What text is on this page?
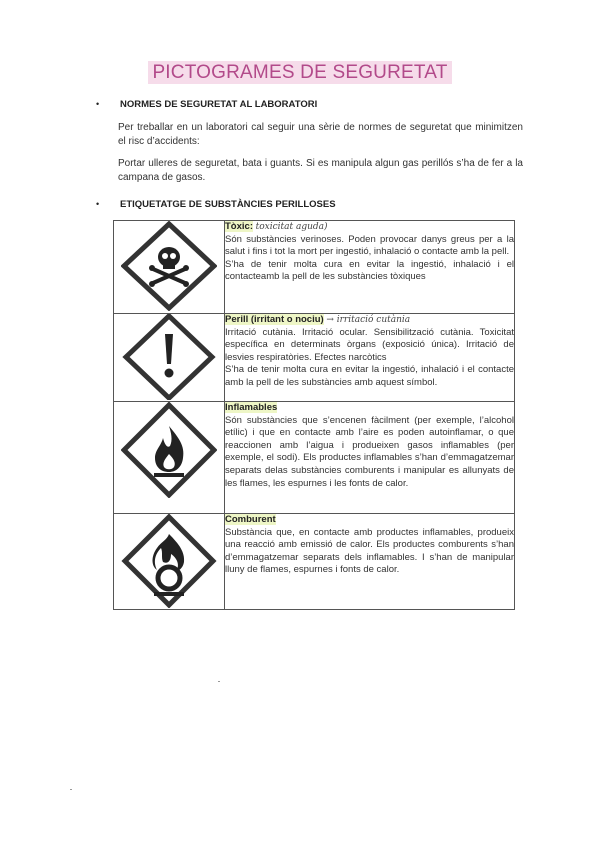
PICTOGRAMES DE SEGURETAT
• NORMES DE SEGURETAT AL LABORATORI
Per treballar en un laboratori cal seguir una sèrie de normes de seguretat que minimitzen el risc d’accidents:
Portar ulleres de seguretat, bata i guants. Si es manipula algun gas perillós s’ha de fer a la campana de gasos.
• ETIQUETATGE DE SUBSTÀNCIES PERILLOSES
	Tòxic: toxicitat aguda)
Són substàncies verinoses. Poden provocar danys greus per a la salut i fins i tot la mort per ingestió, inhalació o contacte amb la pell.
S’ha de tenir molta cura en evitar la ingestió, inhalació i el contacteamb la pell de les substàncies tòxiques

	Perill (irritant o nociu) → irritació cutània
Irritació cutània. Irritació ocular. Sensibilització cutània. Toxicitat específica en determinats òrgans (exposició única). Irritació de lesvies respiratòries. Efectes narcòtics
S’ha de tenir molta cura en evitar la ingestió, inhalació i el contacte amb la pell de les substàncies amb aquest símbol.

	Inflamables
Són substàncies que s’encenen fàcilment (per exemple, l’alcohol etílic) i que en contacte amb l’aire es poden autoinflamar, o que reaccionen amb l’aigua i produeixen gasos inflamables (per exemple, el sodi). Els productes inflamables s’han d’emmagatzemar separats delas substàncies comburents i manipular es allunyats de les flames, les espurnes i les fonts de calor.

	Comburent
Substància que, en contacte amb productes inflamables, produeix una reacció amb emissió de calor. Els productes comburents s’han d’emmagatzemar separats dels inflamables. I s’han de manipular lluny de flames, espurnes i fonts de calor.
